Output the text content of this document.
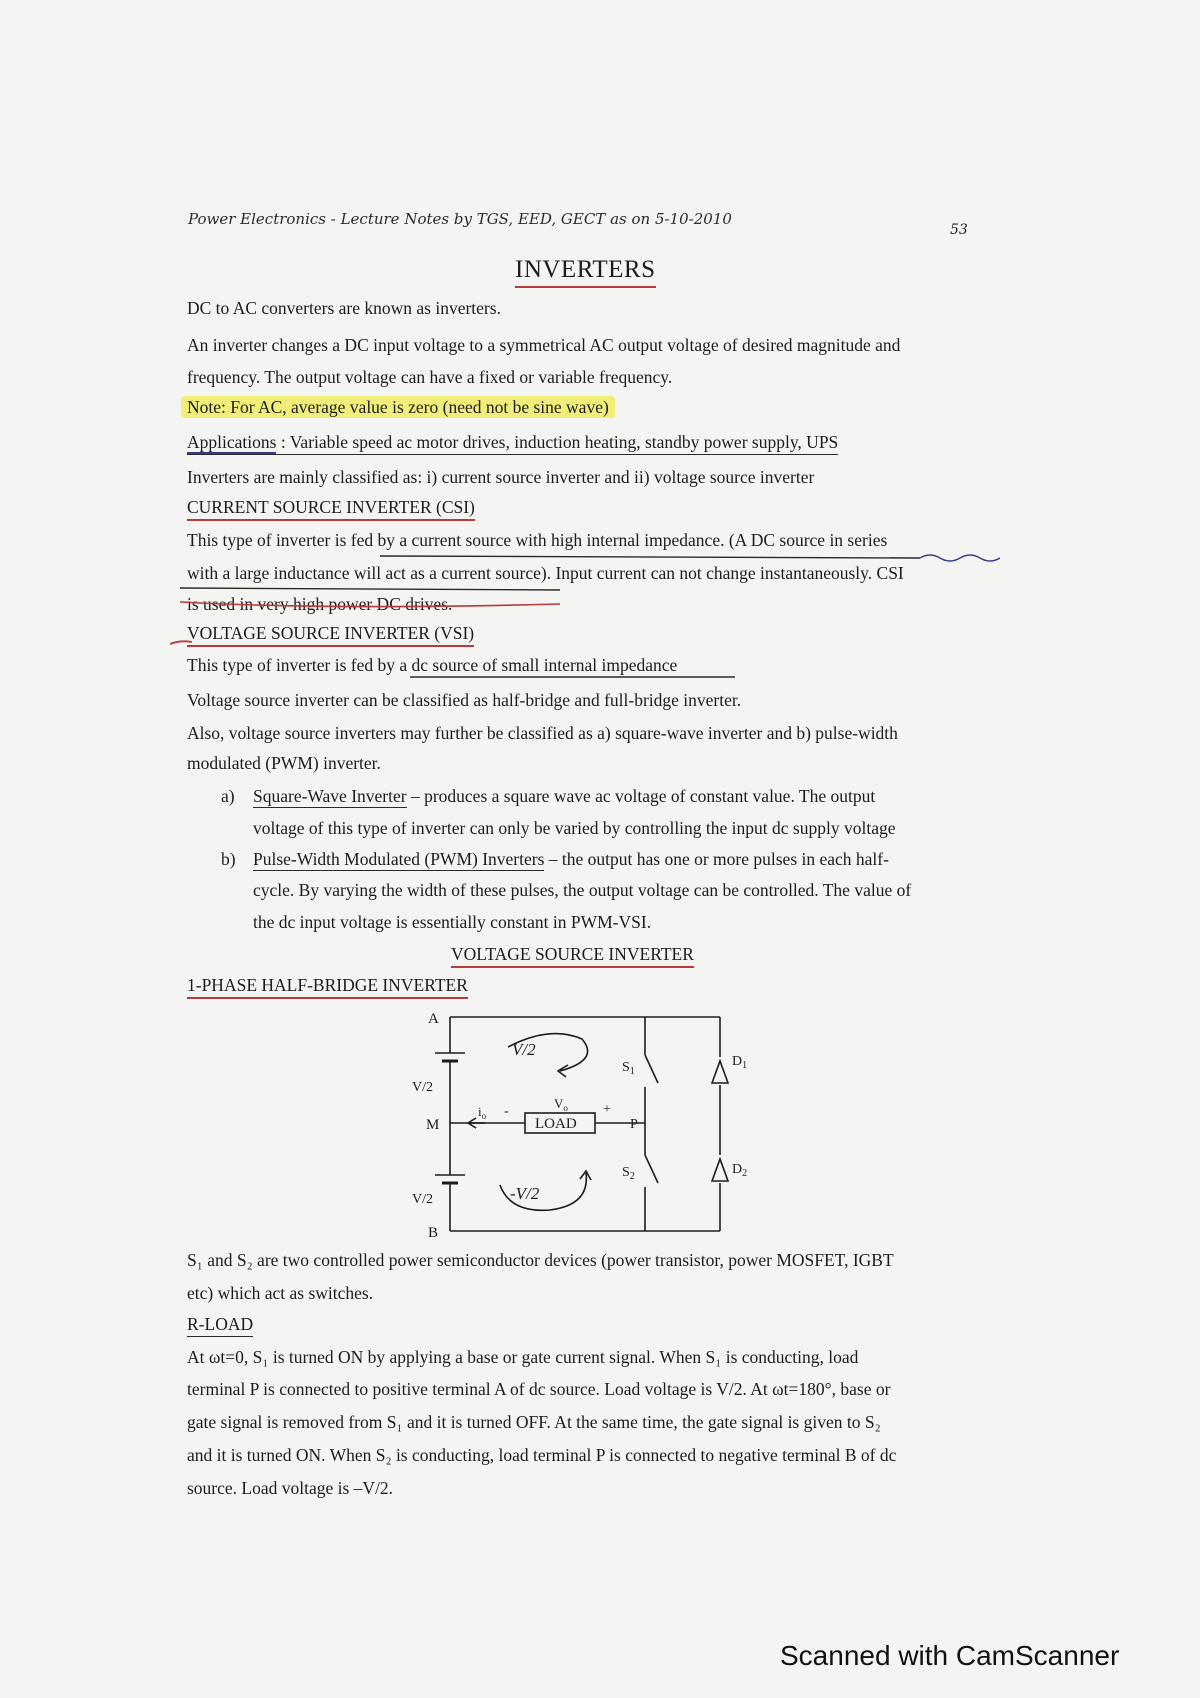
Power Electronics - Lecture Notes by TGS, EED, GECT as on 5-10-2010
53
INVERTERS
DC to AC converters are known as inverters.
An inverter changes a DC input voltage to a symmetrical AC output voltage of desired magnitude and
frequency. The output voltage can have a fixed or variable frequency.
Note: For AC, average value is zero (need not be sine wave)
Applications : Variable speed ac motor drives, induction heating, standby power supply, UPS
Inverters are mainly classified as: i) current source inverter and ii) voltage source inverter
CURRENT SOURCE INVERTER (CSI)
This type of inverter is fed by a current source with high internal impedance. (A DC source in series
with a large inductance will act as a current source). Input current can not change instantaneously. CSI
is used in very high power DC drives.
VOLTAGE SOURCE INVERTER (VSI)
This type of inverter is fed by a dc source of small internal impedance
Voltage source inverter can be classified as half-bridge and full-bridge inverter.
Also, voltage source inverters may further be classified as a) square-wave inverter and b) pulse-width
modulated (PWM) inverter.
a) Square-Wave Inverter – produces a square wave ac voltage of constant value. The output
voltage of this type of inverter can only be varied by controlling the input dc supply voltage
b) Pulse-Width Modulated (PWM) Inverters – the output has one or more pulses in each half-
cycle. By varying the width of these pulses, the output voltage can be controlled. The value of
the dc input voltage is essentially constant in PWM-VSI.
VOLTAGE SOURCE INVERTER
1-PHASE HALF-BRIDGE INVERTER
A
M
B
P
V/2
V/2
LOAD
$V_o$
$i_o$ -	+
$S_1$
$S_2$
$D_1$
$D_2$
V/2
-V/2
S₁ and S₂ are two controlled power semiconductor devices (power transistor, power MOSFET, IGBT
etc) which act as switches.
R-LOAD
At ωt=0, S₁ is turned ON by applying a base or gate current signal. When S₁ is conducting, load
terminal P is connected to positive terminal A of dc source. Load voltage is V/2. At ωt=180°, base or
gate signal is removed from S₁ and it is turned OFF. At the same time, the gate signal is given to S₂
and it is turned ON. When S₂ is conducting, load terminal P is connected to negative terminal B of dc
source. Load voltage is –V/2.
Scanned with CamScanner
